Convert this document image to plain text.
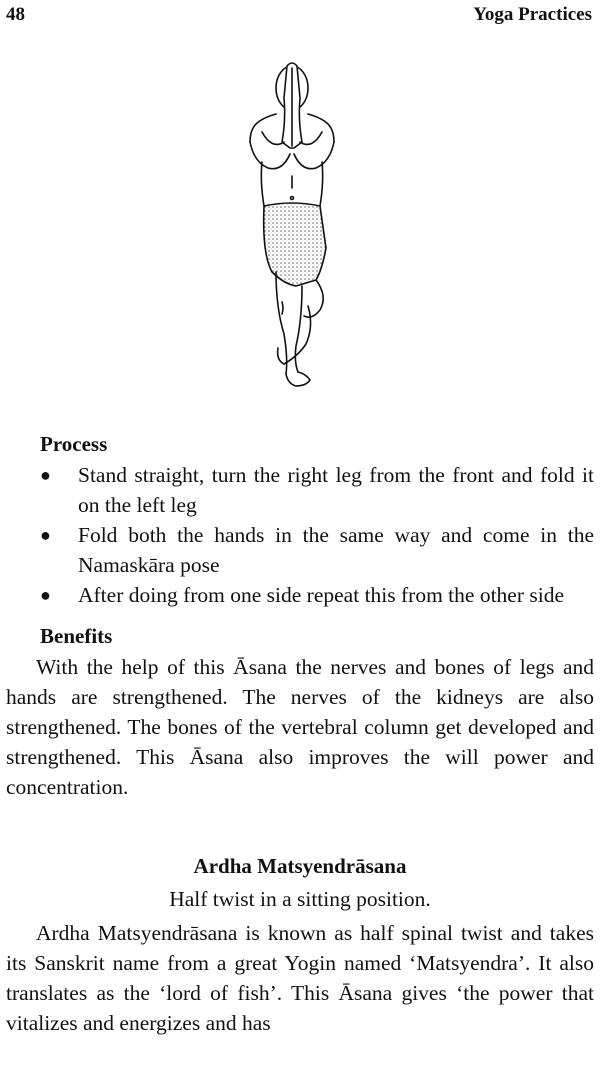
48	Yoga Practices
Process
● Stand straight, turn the right leg from the front and fold it on the left leg
● Fold both the hands in the same way and come in the Namaskāra pose
● After doing from one side repeat this from the other side
Benefits

With the help of this Āsana the nerves and bones of legs and hands are strengthened. The nerves of the kidneys are also strengthened. The bones of the vertebral column get developed and strengthened. This Āsana also improves the will power and concentration.

Ardha Matsyendrāsana

Half twist in a sitting position.

Ardha Matsyendrāsana is known as half spinal twist and takes its Sanskrit name from a great Yogin named ‘Matsyendra’. It also translates as the ‘lord of fish’. This Āsana gives ‘the power that vitalizes and energizes and has
